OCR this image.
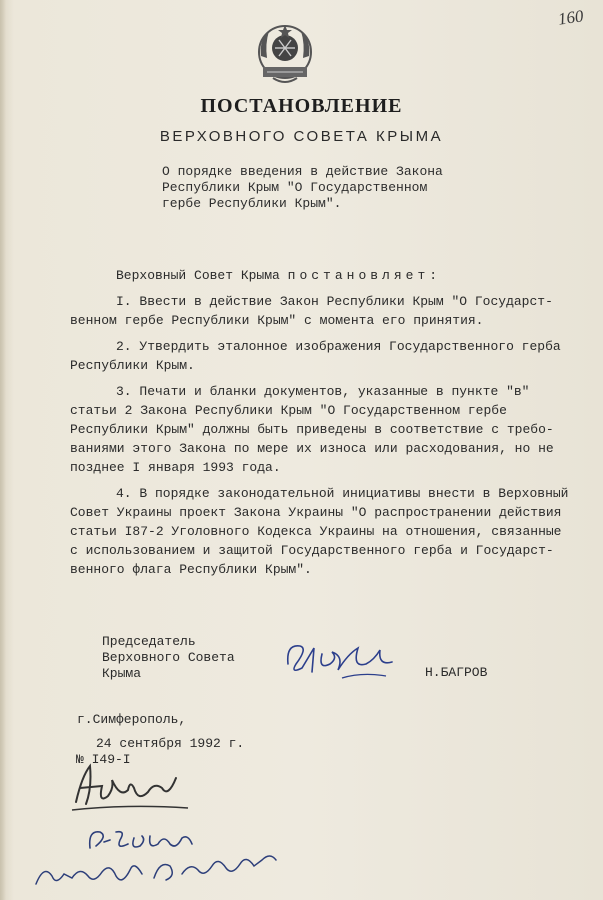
160
ПОСТАНОВЛЕНИЕ
ВЕРХОВНОГО СОВЕТА КРЫМА
О порядке введения в действие Закона
Республики Крым "О Государственном
гербе Республики Крым".

Верховный Совет Крыма постановляет:

I. Ввести в действие Закон Республики Крым "О Государст-
венном гербе Республики Крым" с момента его принятия.

2. Утвердить эталонное изображения Государственного герба
Республики Крым.

3. Печати и бланки документов, указанные в пункте "в"
статьи 2 Закона Республики Крым "О Государственном гербе
Республики Крым" должны быть приведены в соответствие с требо-
ваниями этого Закона по мере их износа или расходования, но не
позднее I января 1993 года.

4. В порядке законодательной инициативы внести в Верховный
Совет Украины проект Закона Украины "О распространении действия
статьи I87-2 Уголовного Кодекса Украины на отношения, связанные
с использованием и защитой Государственного герба и Государст-
венного флага Республики Крым".

Председатель
Верховного Совета
Крыма	Н.БАГРОВ
г.Симферополь,
24 сентября 1992 г.
№ I49-I
